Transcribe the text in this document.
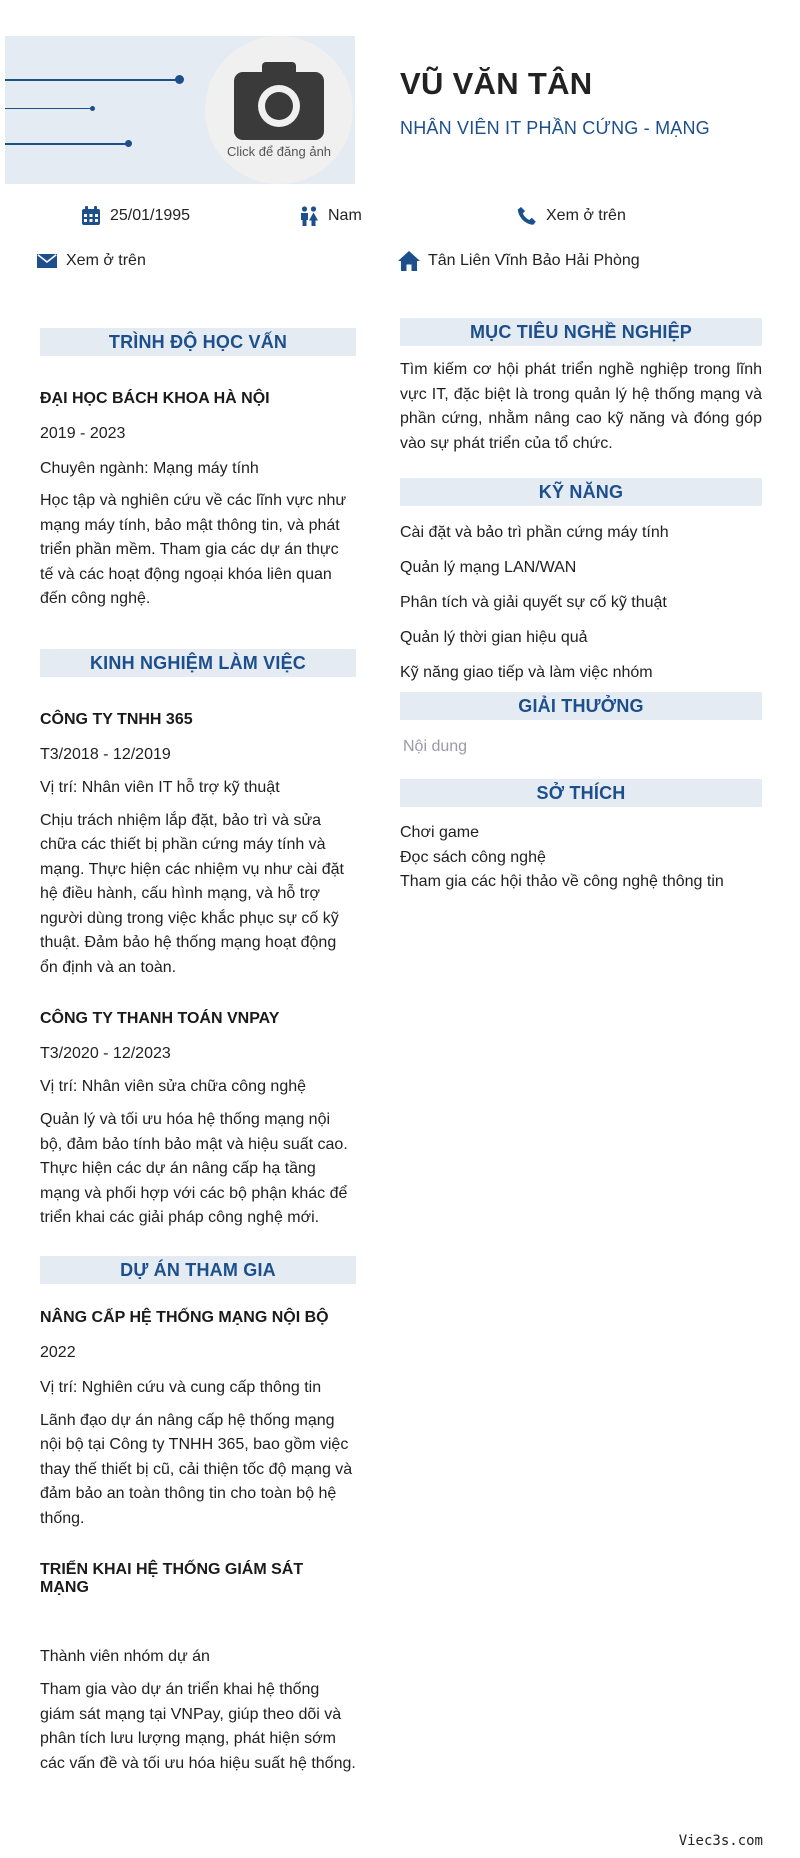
Click để đăng ảnh
VŨ VĂN TÂN
NHÂN VIÊN IT PHẦN CỨNG - MẠNG
25/01/1995	Nam	Xem ở trên
Xem ở trên	Tân Liên Vĩnh Bảo Hải Phòng
TRÌNH ĐỘ HỌC VẤN
ĐẠI HỌC BÁCH KHOA HÀ NỘI
2019 - 2023
Chuyên ngành: Mạng máy tính
Học tập và nghiên cứu về các lĩnh vực như mạng máy tính, bảo mật thông tin, và phát triển phần mềm. Tham gia các dự án thực tế và các hoạt động ngoại khóa liên quan đến công nghệ.
KINH NGHIỆM LÀM VIỆC
CÔNG TY TNHH 365
T3/2018 - 12/2019
Vị trí: Nhân viên IT hỗ trợ kỹ thuật
Chịu trách nhiệm lắp đặt, bảo trì và sửa chữa các thiết bị phần cứng máy tính và mạng. Thực hiện các nhiệm vụ như cài đặt hệ điều hành, cấu hình mạng, và hỗ trợ người dùng trong việc khắc phục sự cố kỹ thuật. Đảm bảo hệ thống mạng hoạt động ổn định và an toàn.
CÔNG TY THANH TOÁN VNPAY
T3/2020 - 12/2023
Vị trí: Nhân viên sửa chữa công nghệ
Quản lý và tối ưu hóa hệ thống mạng nội bộ, đảm bảo tính bảo mật và hiệu suất cao. Thực hiện các dự án nâng cấp hạ tầng mạng và phối hợp với các bộ phận khác để triển khai các giải pháp công nghệ mới.
DỰ ÁN THAM GIA
NÂNG CẤP HỆ THỐNG MẠNG NỘI BỘ
2022
Vị trí: Nghiên cứu và cung cấp thông tin
Lãnh đạo dự án nâng cấp hệ thống mạng nội bộ tại Công ty TNHH 365, bao gồm việc thay thế thiết bị cũ, cải thiện tốc độ mạng và đảm bảo an toàn thông tin cho toàn bộ hệ thống.
TRIỂN KHAI HỆ THỐNG GIÁM SÁT MẠNG
Thành viên nhóm dự án
Tham gia vào dự án triển khai hệ thống giám sát mạng tại VNPay, giúp theo dõi và phân tích lưu lượng mạng, phát hiện sớm các vấn đề và tối ưu hóa hiệu suất hệ thống.
MỤC TIÊU NGHỀ NGHIỆP
Tìm kiếm cơ hội phát triển nghề nghiệp trong lĩnh vực IT, đặc biệt là trong quản lý hệ thống mạng và phần cứng, nhằm nâng cao kỹ năng và đóng góp vào sự phát triển của tổ chức.
KỸ NĂNG
Cài đặt và bảo trì phần cứng máy tính
Quản lý mạng LAN/WAN
Phân tích và giải quyết sự cố kỹ thuật
Quản lý thời gian hiệu quả
Kỹ năng giao tiếp và làm việc nhóm
GIẢI THƯỞNG
Nội dung
SỞ THÍCH
Chơi game
Đọc sách công nghệ
Tham gia các hội thảo về công nghệ thông tin
Viec3s.com
